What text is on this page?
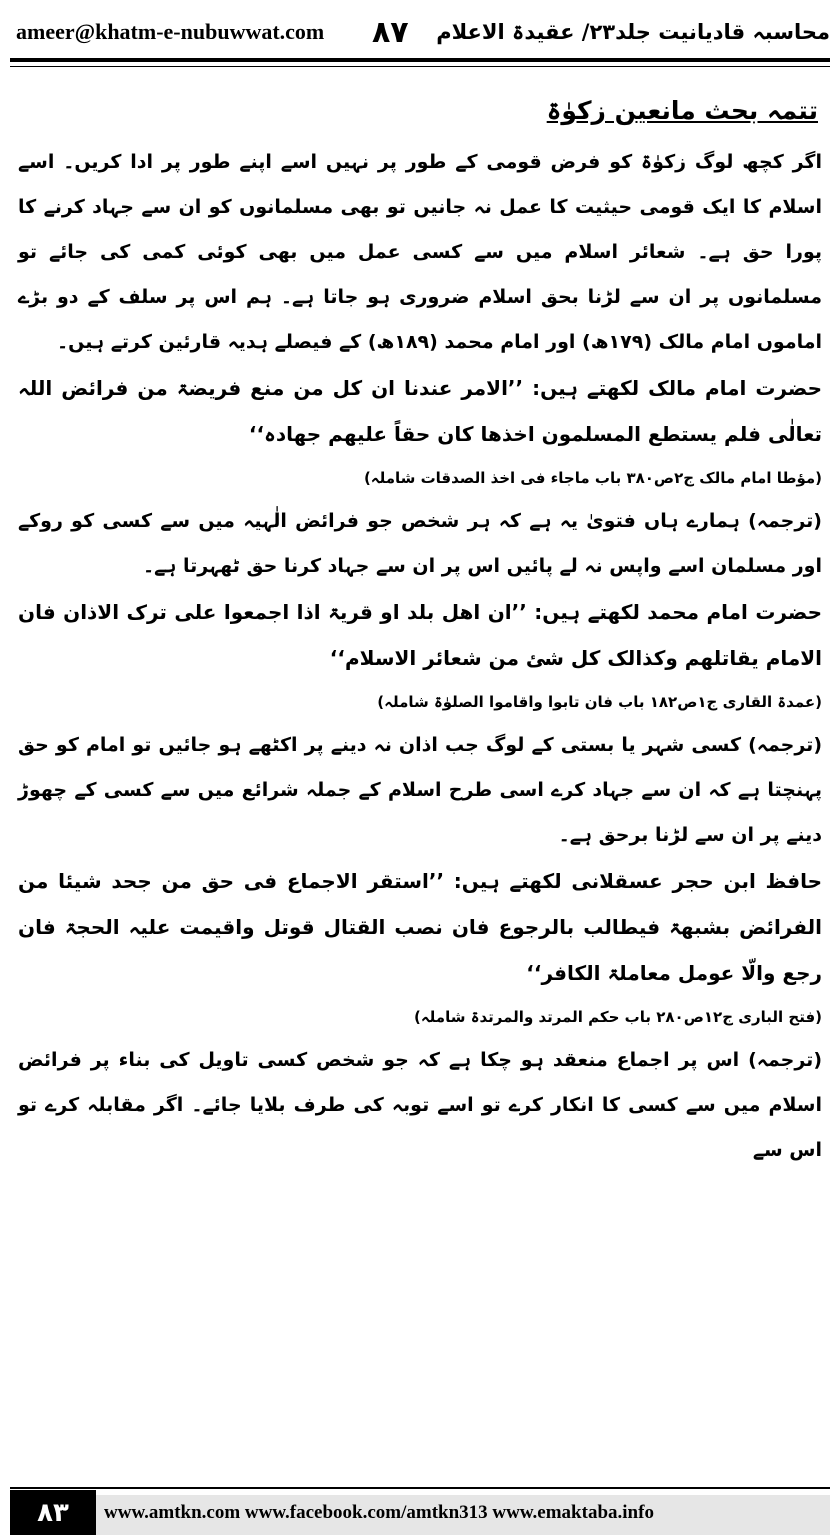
ameer@khatm-e-nubuwwat.com ۸۷ محاسبہ قادیانیت جلد۲۳/ عقیدۃ الاعلام
تتمہ بحث مانعین زکوٰۃ

اگر کچھ لوگ زکوٰۃ کو فرض قومی کے طور پر نہیں اسے اپنے طور پر ادا کریں۔ اسے اسلام کا ایک قومی حیثیت کا عمل نہ جانیں تو بھی مسلمانوں کو ان سے جہاد کرنے کا پورا حق ہے۔ شعائر اسلام میں سے کسی عمل میں بھی کوئی کمی کی جائے تو مسلمانوں پر ان سے لڑنا بحق اسلام ضروری ہو جاتا ہے۔ ہم اس پر سلف کے دو بڑے اماموں امام مالک (۱۷۹ھ) اور امام محمد (۱۸۹ھ) کے فیصلے ہدیہ قارئین کرتے ہیں۔

حضرت امام مالک لکھتے ہیں: ’’الامر عندنا ان کل من منع فریضۃ من فرائض اللہ تعالٰی فلم یستطع المسلمون اخذھا کان حقاً علیھم جھادہ‘‘

(مؤطا امام مالک ج۲ص۳۸۰ باب ماجاء فی اخذ الصدقات شاملہ)

(ترجمہ) ہمارے ہاں فتویٰ یہ ہے کہ ہر شخص جو فرائض الٰہیہ میں سے کسی کو روکے اور مسلمان اسے واپس نہ لے پائیں اس پر ان سے جہاد کرنا حق ٹھہرتا ہے۔

حضرت امام محمد لکھتے ہیں: ’’ان اھل بلد او قریۃ اذا اجمعوا علی ترک الاذان فان الامام یقاتلھم وکذالک کل شئ من شعائر الاسلام‘‘

(عمدۃ القاری ج۱ص۱۸۲ باب فان تابوا واقاموا الصلوٰۃ شاملہ)

(ترجمہ) کسی شہر یا بستی کے لوگ جب اذان نہ دینے پر اکٹھے ہو جائیں تو امام کو حق پہنچتا ہے کہ ان سے جہاد کرے اسی طرح اسلام کے جملہ شرائع میں سے کسی کے چھوڑ دینے پر ان سے لڑنا برحق ہے۔

حافظ ابن حجر عسقلانی لکھتے ہیں: ’’استقر الاجماع فی حق من جحد شیئا من الفرائض بشبھۃ فیطالب بالرجوع فان نصب القتال قوتل واقیمت علیہ الحجۃ فان رجع والّا عومل معاملۃ الکافر‘‘

(فتح الباری ج۱۲ص۲۸۰ باب حکم المرتد والمرتدۃ شاملہ)

(ترجمہ) اس پر اجماع منعقد ہو چکا ہے کہ جو شخص کسی تاویل کی بناء پر فرائض اسلام میں سے کسی کا انکار کرے تو اسے توبہ کی طرف بلایا جائے۔ اگر مقابلہ کرے تو اس سے

۸۳	www.amtkn.com www.facebook.com/amtkn313 www.emaktaba.info
